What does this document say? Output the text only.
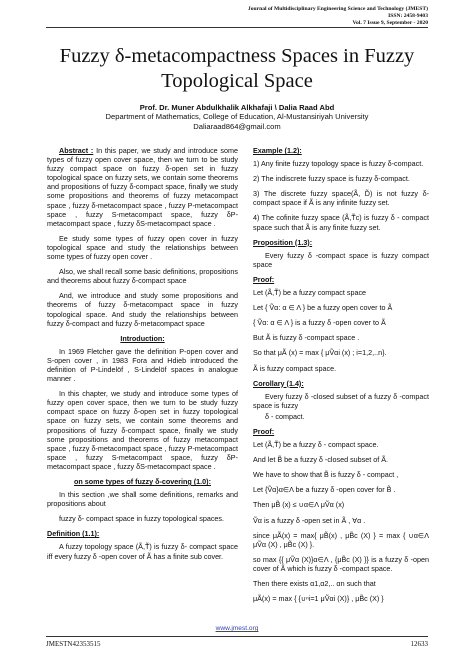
Journal of Multidisciplinary Engineering Science and Technology (JMEST)
ISSN: 2458-9403
Vol. 7 Issue 9, September - 2020
Fuzzy δ-metacompactness Spaces in Fuzzy
Topological Space
Prof. Dr. Muner Abdulkhalik Alkhafaji \ Dalia Raad Abd
Department of Mathematics, College of Education, Al-Mustansiriyah University
Daliaraad864@gmail.com

Abstract : In this paper, we study and introduce some types of fuzzy open cover space, then we turn to be study fuzzy compact space on fuzzy δ-open set in fuzzy topological space on fuzzy sets, we contain some theorems and propositions of fuzzy δ-compact space, finally we study some propositions and theorems of fuzzy metacompact space , fuzzy δ-metacompact space , fuzzy P-metacompact space , fuzzy S-metacompact space, fuzzy δP-metacompact space , fuzzy δS-metacompact space .

Ee study some types of fuzzy open cover in fuzzy topological space and study the relationships between some types of fuzzy open cover .

Also, we shall recall some basic definitions, propositions and theorems about fuzzy δ-compact space

And, we introduce and study some propositions and theorems of fuzzy δ-metacompact space in fuzzy topological space. And study the relationships between fuzzy δ-compact and fuzzy δ-metacompact space

Introduction:

In 1969 Fletcher gave the definition P-open cover and S-open cover , in 1983 Fora and Hdieb introduced the definition of P-Lindelöf , S-Lindelöf spaces in analogue manner .

In this chapter, we study and introduce some types of fuzzy open cover space, then we turn to be study fuzzy compact space on fuzzy δ-open set in fuzzy topological space on fuzzy sets, we contain some theorems and propositions of fuzzy δ-compact space, finally we study some propositions and theorems of fuzzy metacompact space , fuzzy δ-metacompact space , fuzzy P-metacompact space , fuzzy S-metacompact space, fuzzy δP-metacompact space , fuzzy δS-metacompact space .

on some types of fuzzy δ-covering (1.0):

In this section ,we shall some definitions, remarks and propositions about

fuzzy δ- compact space in fuzzy topological spaces.

Definition (1.1):

A fuzzy topology space (Ã,T̃) is fuzzy δ- compact space iff every fuzzy δ -open cover of Ã has a finite sub cover.

Example (1.2):

1) Any finite fuzzy topology space is fuzzy δ-compact.

2) The indiscrete fuzzy space is fuzzy δ-compact.

3) The discrete fuzzy space(Ã, D̃) is not fuzzy δ-compact space if Ã is any infinite fuzzy set.

4) The cofinite fuzzy space (Ã,T̃c) is fuzzy δ - compact space such that Ã is any finite fuzzy set.

Proposition (1.3):

Every fuzzy δ -compact space is fuzzy compact space

Proof:

Let (Ã,T̃) be a fuzzy compact space

Let { Ṽα: α ∈ Λ } be a fuzzy open cover to Ã

{ Ṽα: α ∈ Λ } is a fuzzy δ -open cover to Ã

But Ã is fuzzy δ -compact space .

So that μÃ (x) = max { μṼαi (x) ; i=1,2,..n}.

Ã is fuzzy compact space.

Corollary (1.4):

Every fuzzy δ -closed subset of a fuzzy δ -compact space is fuzzy

δ - compact.

Proof:

Let (Ã,T̃) be a fuzzy δ - compact space.

And let B̃ be a fuzzy δ -closed subset of Ã.

We have to show that B̃ is fuzzy δ - compact ,

Let {Ṽα}α∈Λ be a fuzzy δ -open cover for B̃ .

Then μB̃ (x) ≤ ∪α∈Λ μṼα (x)

Ṽα is a fuzzy δ -open set in Ã , ∀α .

since μÃ(x) = max{ μB̃(x) , μB̃c (X) } = max { ∪α∈Λ μṼα (X) , μB̃c (X) }.

so max {{ μṼα (X)}α∈Λ , {μB̃c (X) }} is a fuzzy δ -open cover of Ã which is fuzzy δ -compact space.

Then there exists α1,α2,.. αn such that

μÃ(x) = max { {∪ⁿi=1 μṼαi (X)} , μB̃c (X) }

www.jmest.org
JMESTN42353515	12633
